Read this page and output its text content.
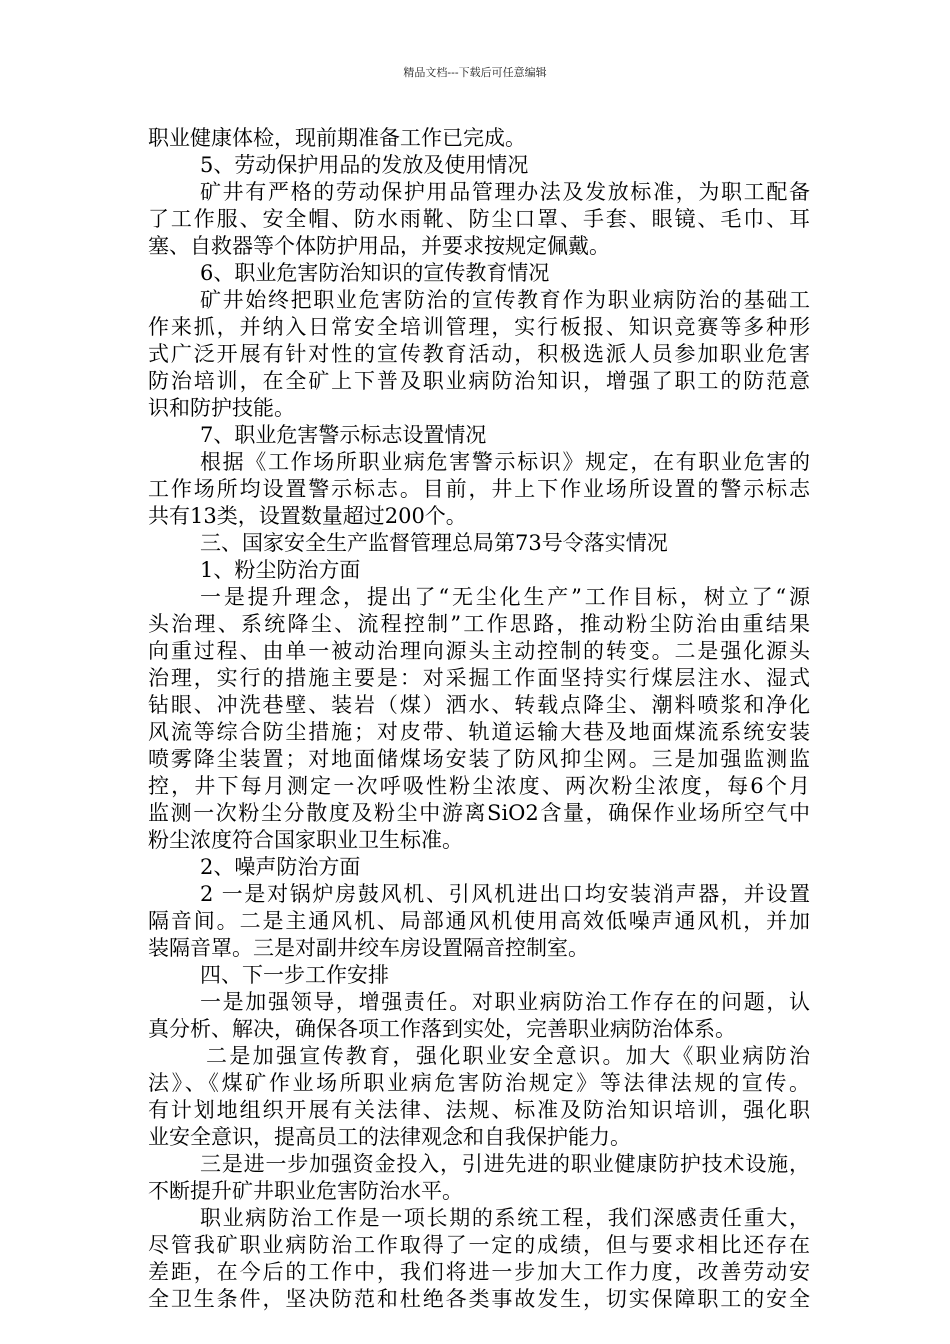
精品文档---下载后可任意编辑
职业健康体检，现前期准备工作已完成。
5、劳动保护用品的发放及使用情况
矿井有严格的劳动保护用品管理办法及发放标准，为职工配备
了工作服、安全帽、防水雨靴、防尘口罩、手套、眼镜、毛巾、耳
塞、自救器等个体防护用品，并要求按规定佩戴。
6、职业危害防治知识的宣传教育情况
矿井始终把职业危害防治的宣传教育作为职业病防治的基础工
作来抓，并纳入日常安全培训管理，实行板报、知识竞赛等多种形
式广泛开展有针对性的宣传教育活动，积极选派人员参加职业危害
防治培训，在全矿上下普及职业病防治知识，增强了职工的防范意
识和防护技能。
7、职业危害警示标志设置情况
根据《工作场所职业病危害警示标识》规定，在有职业危害的
工作场所均设置警示标志。目前，井上下作业场所设置的警示标志
共有13类，设置数量超过200个。
三、国家安全生产监督管理总局第73号令落实情况
1、粉尘防治方面
一是提升理念，提出了“无尘化生产”工作目标，树立了“源
头治理、系统降尘、流程控制”工作思路，推动粉尘防治由重结果
向重过程、由单一被动治理向源头主动控制的转变。二是强化源头
治理，实行的措施主要是：对采掘工作面坚持实行煤层注水、湿式
钻眼、冲洗巷壁、装岩（煤）洒水、转载点降尘、潮料喷浆和净化
风流等综合防尘措施；对皮带、轨道运输大巷及地面煤流系统安装
喷雾降尘装置；对地面储煤场安装了防风抑尘网。三是加强监测监
控，井下每月测定一次呼吸性粉尘浓度、两次粉尘浓度，每6个月
监测一次粉尘分散度及粉尘中游离SiO2含量，确保作业场所空气中
粉尘浓度符合国家职业卫生标准。
2、噪声防治方面
2 一是对锅炉房鼓风机、引风机进出口均安装消声器，并设置
隔音间。二是主通风机、局部通风机使用高效低噪声通风机，并加
装隔音罩。三是对副井绞车房设置隔音控制室。
四、下一步工作安排
一是加强领导，增强责任。对职业病防治工作存在的问题，认
真分析、解决，确保各项工作落到实处，完善职业病防治体系。
二是加强宣传教育，强化职业安全意识。加大《职业病防治
法》、《煤矿作业场所职业病危害防治规定》等法律法规的宣传。
有计划地组织开展有关法律、法规、标准及防治知识培训，强化职
业安全意识，提高员工的法律观念和自我保护能力。
三是进一步加强资金投入，引进先进的职业健康防护技术设施，
不断提升矿井职业危害防治水平。
职业病防治工作是一项长期的系统工程，我们深感责任重大，
尽管我矿职业病防治工作取得了一定的成绩，但与要求相比还存在
差距，在今后的工作中，我们将进一步加大工作力度，改善劳动安
全卫生条件，坚决防范和杜绝各类事故发生，切实保障职工的安全
